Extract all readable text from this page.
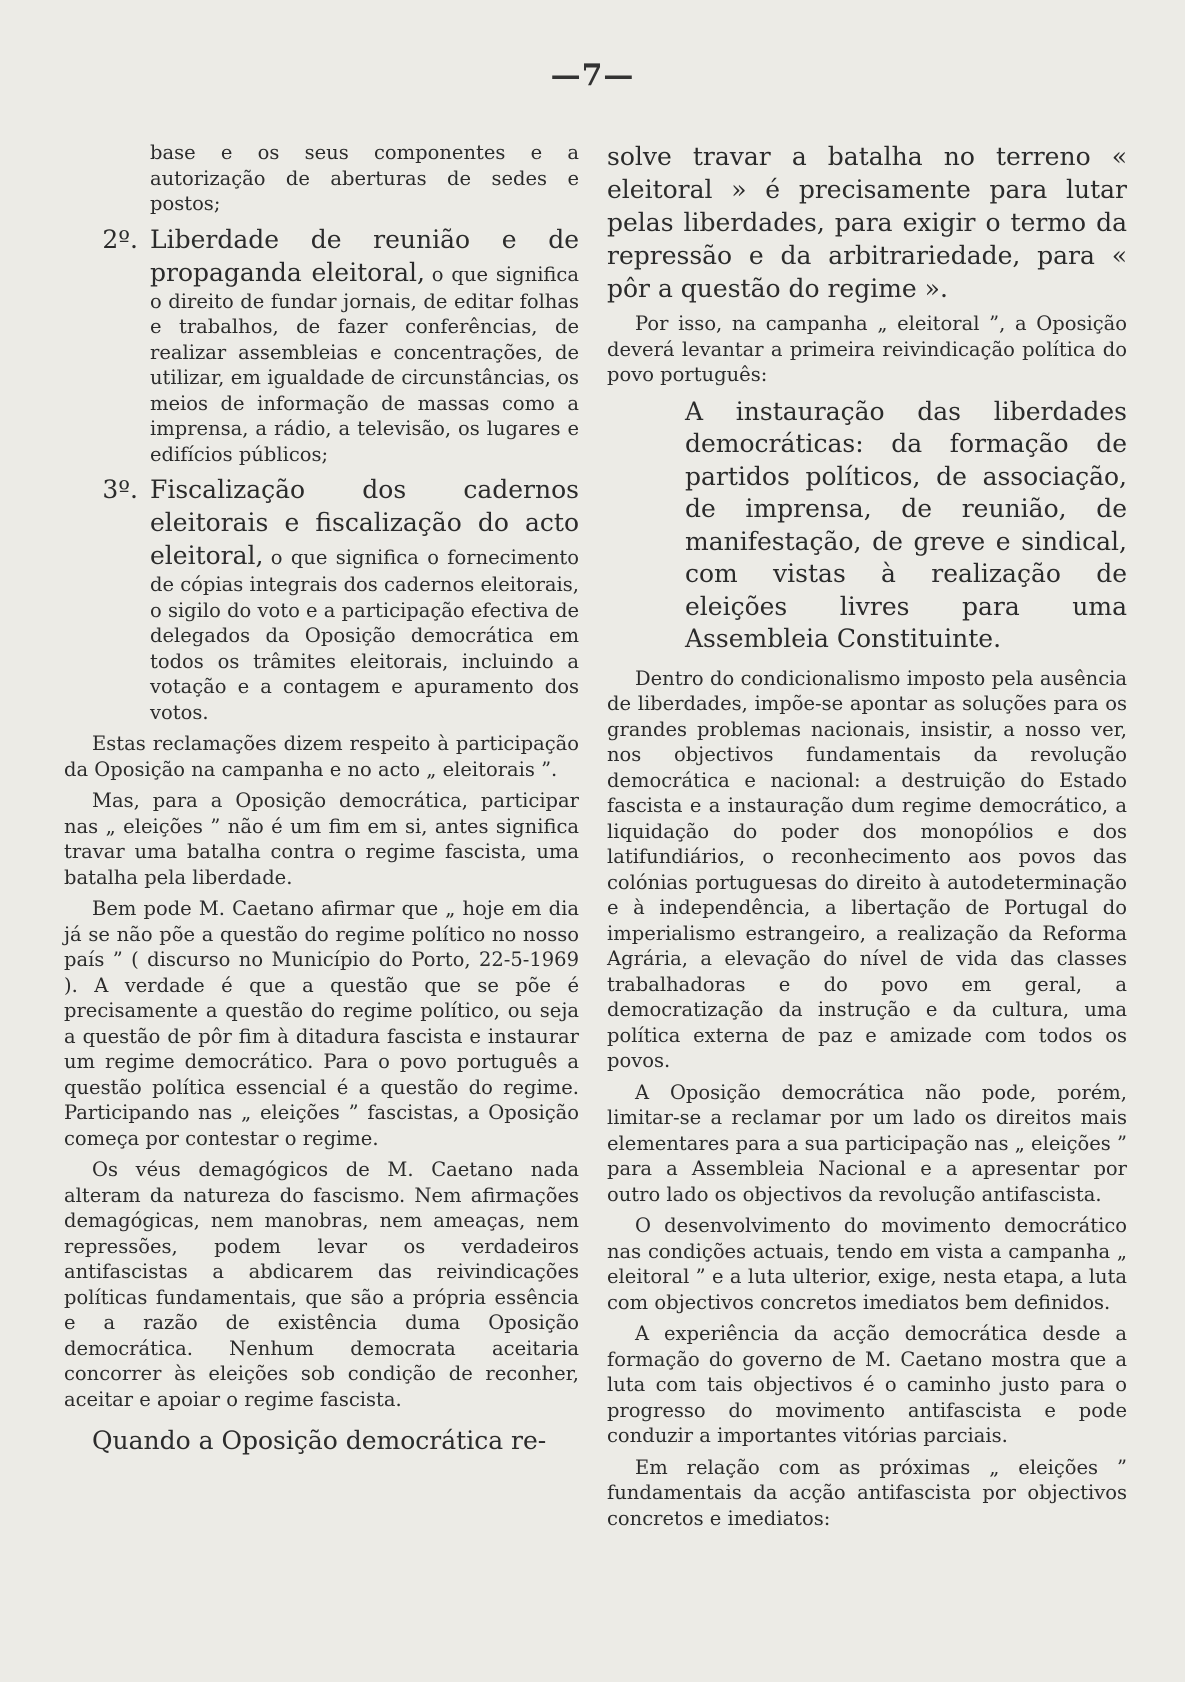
—7—

base e os seus componentes e a autorização de aberturas de sedes e postos;

2º. Liberdade de reunião e de propaganda eleitoral, o que significa o direito de fundar jornais, de editar folhas e trabalhos, de fazer conferências, de realizar assembleias e concentrações, de utilizar, em igualdade de circunstâncias, os meios de informação de massas como a imprensa, a rádio, a televisão, os lugares e edifícios públicos;
3º. Fiscalização dos cadernos eleitorais e fiscalização do acto eleitoral, o que significa o fornecimento de cópias integrais dos cadernos eleitorais, o sigilo do voto e a participação efectiva de delegados da Oposição democrática em todos os trâmites eleitorais, incluindo a votação e a contagem e apuramento dos votos.

Estas reclamações dizem respeito à participação da Oposição na campanha e no acto „ eleitorais ”.

Mas, para a Oposição democrática, participar nas „ eleições ” não é um fim em si, antes significa travar uma batalha contra o regime fascista, uma batalha pela liberdade.

Bem pode M. Caetano afirmar que „ hoje em dia já se não põe a questão do regime político no nosso país ” ( discurso no Município do Porto, 22-5-1969 ). A verdade é que a questão que se põe é precisamente a questão do regime político, ou seja a questão de pôr fim à ditadura fascista e instaurar um regime democrático. Para o povo português a questão política essencial é a questão do regime. Participando nas „ eleições ” fascistas, a Oposição começa por contestar o regime.

Os véus demagógicos de M. Caetano nada alteram da natureza do fascismo. Nem afirmações demagógicas, nem manobras, nem ameaças, nem repressões, podem levar os verdadeiros antifascistas a abdicarem das reivindicações políticas fundamentais, que são a própria essência e a razão de existência duma Oposição democrática. Nenhum democrata aceitaria concorrer às eleições sob condição de reconher, aceitar e apoiar o regime fascista.

Quando a Oposição democrática re-

solve travar a batalha no terreno « eleitoral » é precisamente para lutar pelas liberdades, para exigir o termo da repressão e da arbitrariedade, para « pôr a questão do regime ».

Por isso, na campanha „ eleitoral ”, a Oposição deverá levantar a primeira reivindicação política do povo português:

A instauração das liberdades democráticas: da formação de partidos políticos, de associação, de imprensa, de reunião, de manifestação, de greve e sindical, com vistas à realização de eleições livres para uma Assembleia Constituinte.

Dentro do condicionalismo imposto pela ausência de liberdades, impõe-se apontar as soluções para os grandes problemas nacionais, insistir, a nosso ver, nos objectivos fundamentais da revolução democrática e nacional: a destruição do Estado fascista e a instauração dum regime democrático, a liquidação do poder dos monopólios e dos latifundiários, o reconhecimento aos povos das colónias portuguesas do direito à autodeterminação e à independência, a libertação de Portugal do imperialismo estrangeiro, a realização da Reforma Agrária, a elevação do nível de vida das classes trabalhadoras e do povo em geral, a democratização da instrução e da cultura, uma política externa de paz e amizade com todos os povos.

A Oposição democrática não pode, porém, limitar-se a reclamar por um lado os direitos mais elementares para a sua participação nas „ eleições ” para a Assembleia Nacional e a apresentar por outro lado os objectivos da revolução antifascista.

O desenvolvimento do movimento democrático nas condições actuais, tendo em vista a campanha „ eleitoral ” e a luta ulterior, exige, nesta etapa, a luta com objectivos concretos imediatos bem definidos.

A experiência da acção democrática desde a formação do governo de M. Caetano mostra que a luta com tais objectivos é o caminho justo para o progresso do movimento antifascista e pode conduzir a importantes vitórias parciais.

Em relação com as próximas „ eleições ” fundamentais da acção antifascista por objectivos concretos e imediatos:
